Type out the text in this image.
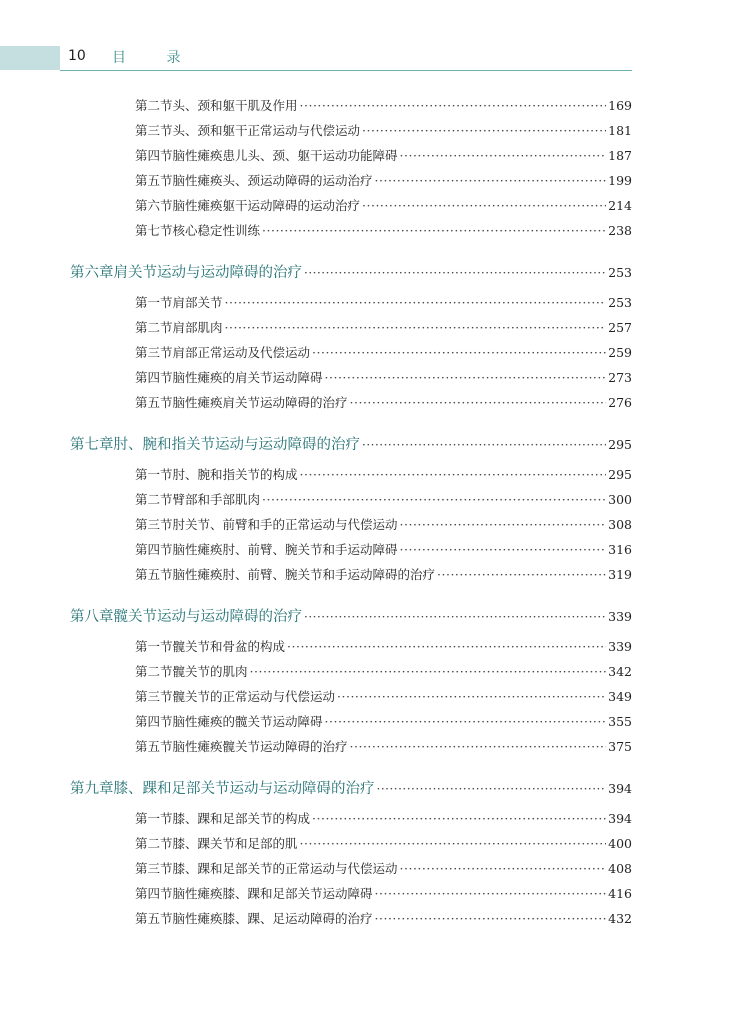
10 目 录
第二节 头、颈和躯干肌及作用 ·····	169
第三节 头、颈和躯干正常运动与代偿运动 ·····	181
第四节 脑性瘫痪患儿头、颈、躯干运动功能障碍 ·····	187
第五节 脑性瘫痪头、颈运动障碍的运动治疗 ·····	199
第六节 脑性瘫痪躯干运动障碍的运动治疗 ·····	214
第七节 核心稳定性训练 ·····	238
第六章 肩关节运动与运动障碍的治疗 ·····	253
第一节 肩部关节 ·····	253
第二节 肩部肌肉 ·····	257
第三节 肩部正常运动及代偿运动 ·····	259
第四节 脑性瘫痪的肩关节运动障碍 ·····	273
第五节 脑性瘫痪肩关节运动障碍的治疗 ·····	276
第七章 肘、腕和指关节运动与运动障碍的治疗 ·····	295
第一节 肘、腕和指关节的构成 ·····	295
第二节 臂部和手部肌肉 ·····	300
第三节 肘关节、前臂和手的正常运动与代偿运动 ·····	308
第四节 脑性瘫痪肘、前臂、腕关节和手运动障碍 ·····	316
第五节 脑性瘫痪肘、前臂、腕关节和手运动障碍的治疗 ·····	319
第八章 髋关节运动与运动障碍的治疗 ·····	339
第一节 髋关节和骨盆的构成 ·····	339
第二节 髋关节的肌肉 ·····	342
第三节 髋关节的正常运动与代偿运动 ·····	349
第四节 脑性瘫痪的髋关节运动障碍 ·····	355
第五节 脑性瘫痪髋关节运动障碍的治疗 ·····	375
第九章 膝、踝和足部关节运动与运动障碍的治疗 ·····	394
第一节 膝、踝和足部关节的构成 ·····	394
第二节 膝、踝关节和足部的肌 ·····	400
第三节 膝、踝和足部关节的正常运动与代偿运动 ·····	408
第四节 脑性瘫痪膝、踝和足部关节运动障碍 ·····	416
第五节 脑性瘫痪膝、踝、足运动障碍的治疗 ·····	432
